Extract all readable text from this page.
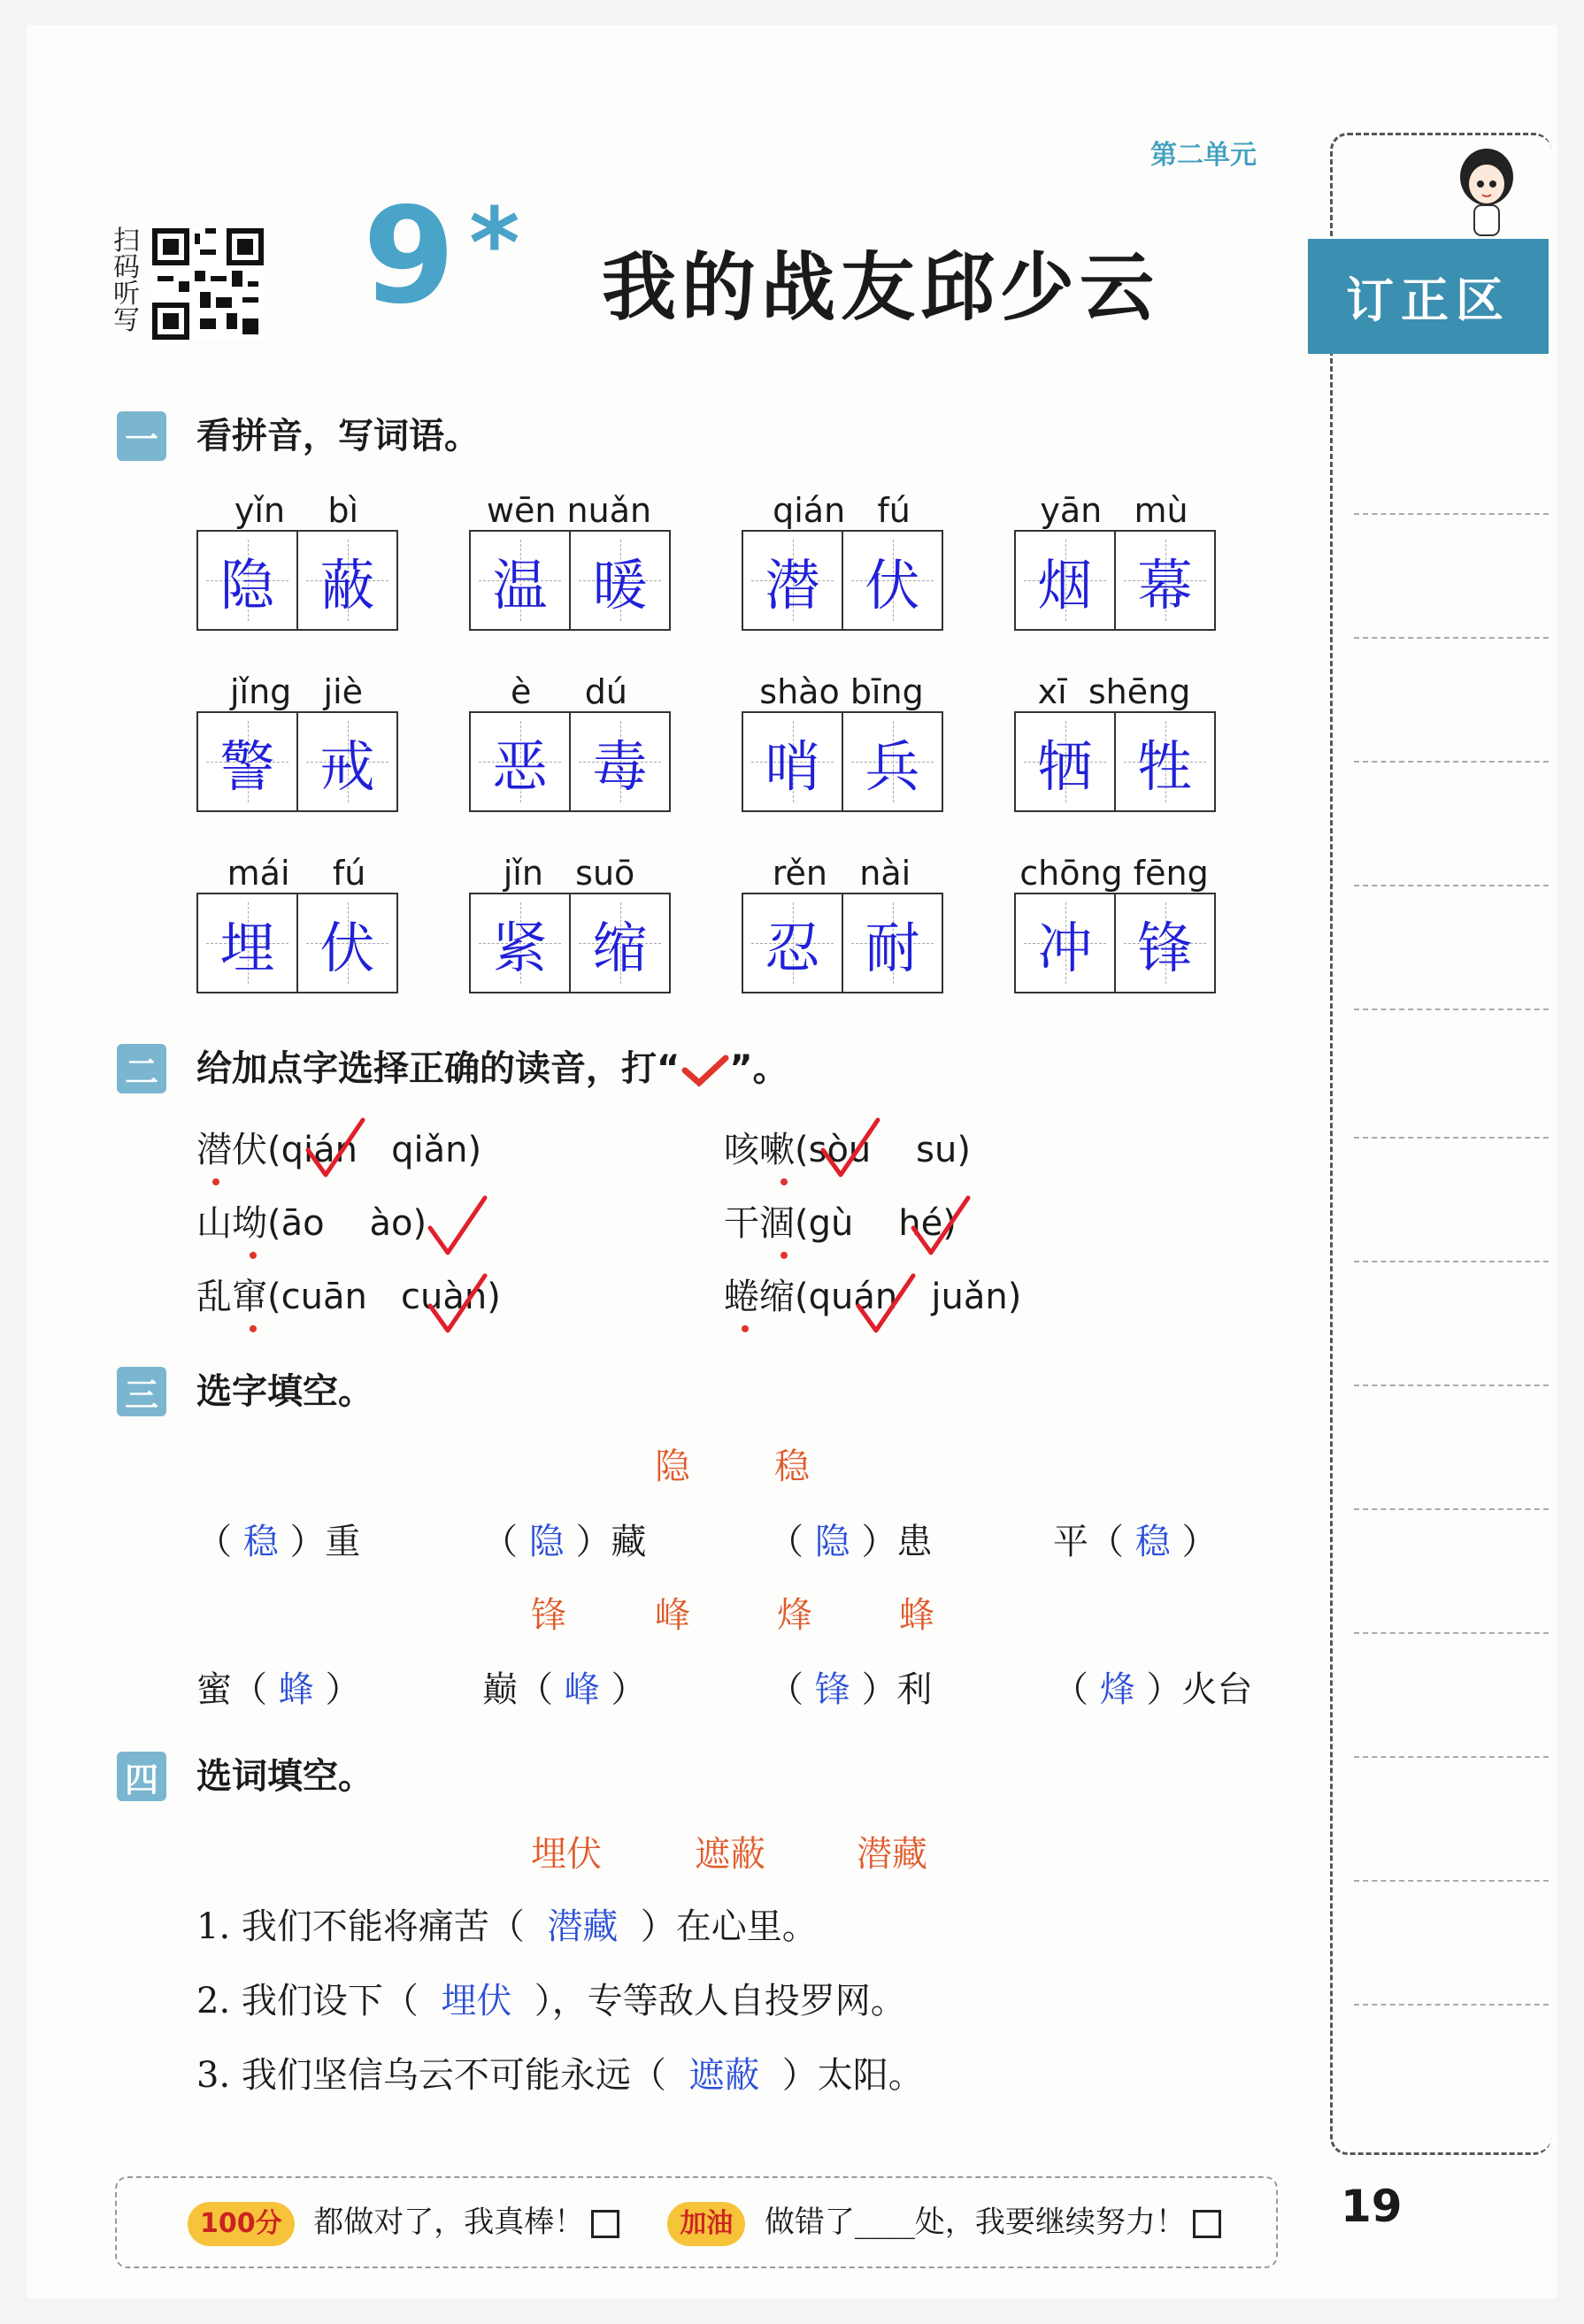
第二单元
扫码听写 9 * 我的战友邱少云	订正区
一 看拼音，写词语。
yǐn bì
隐 蔽
wēn nuǎn
温 暖
qián fú
潜 伏
yān mù
烟 幕
jǐng jiè
警 戒
è dú
恶 毒
shào bīng
哨 兵
xī shēng
牺 牲
mái fú
埋 伏
jǐn suō
紧 缩
rěn nài
忍 耐
chōng fēng
冲 锋
二 给加点字选择正确的读音，打“ ”。
潜伏(qián qiǎn)	咳嗽(sòu su)
山坳(āo ào)	干涸(gù hé)
乱窜(cuān cuàn)	蜷缩(quán juǎn)
三 选字填空。
隐 稳
（ 稳 ）重	（ 隐 ）藏	（ 隐 ）患	平（ 稳 ）
锋	峰 烽 蜂
蜜（ 蜂 ）	巅（ 峰 ）	（ 锋 ）利	（ 烽 ）火台
四 选词填空。
埋伏	遮蔽	潜藏
1. 我们不能将痛苦（ 潜藏 ）在心里。
2. 我们设下（ 埋伏 ），专等敌人自投罗网。
3. 我们坚信乌云不可能永远（ 遮蔽 ）太阳。
100分 都做对了，我真棒！	加油 做错了____处，我要继续努力！	19
